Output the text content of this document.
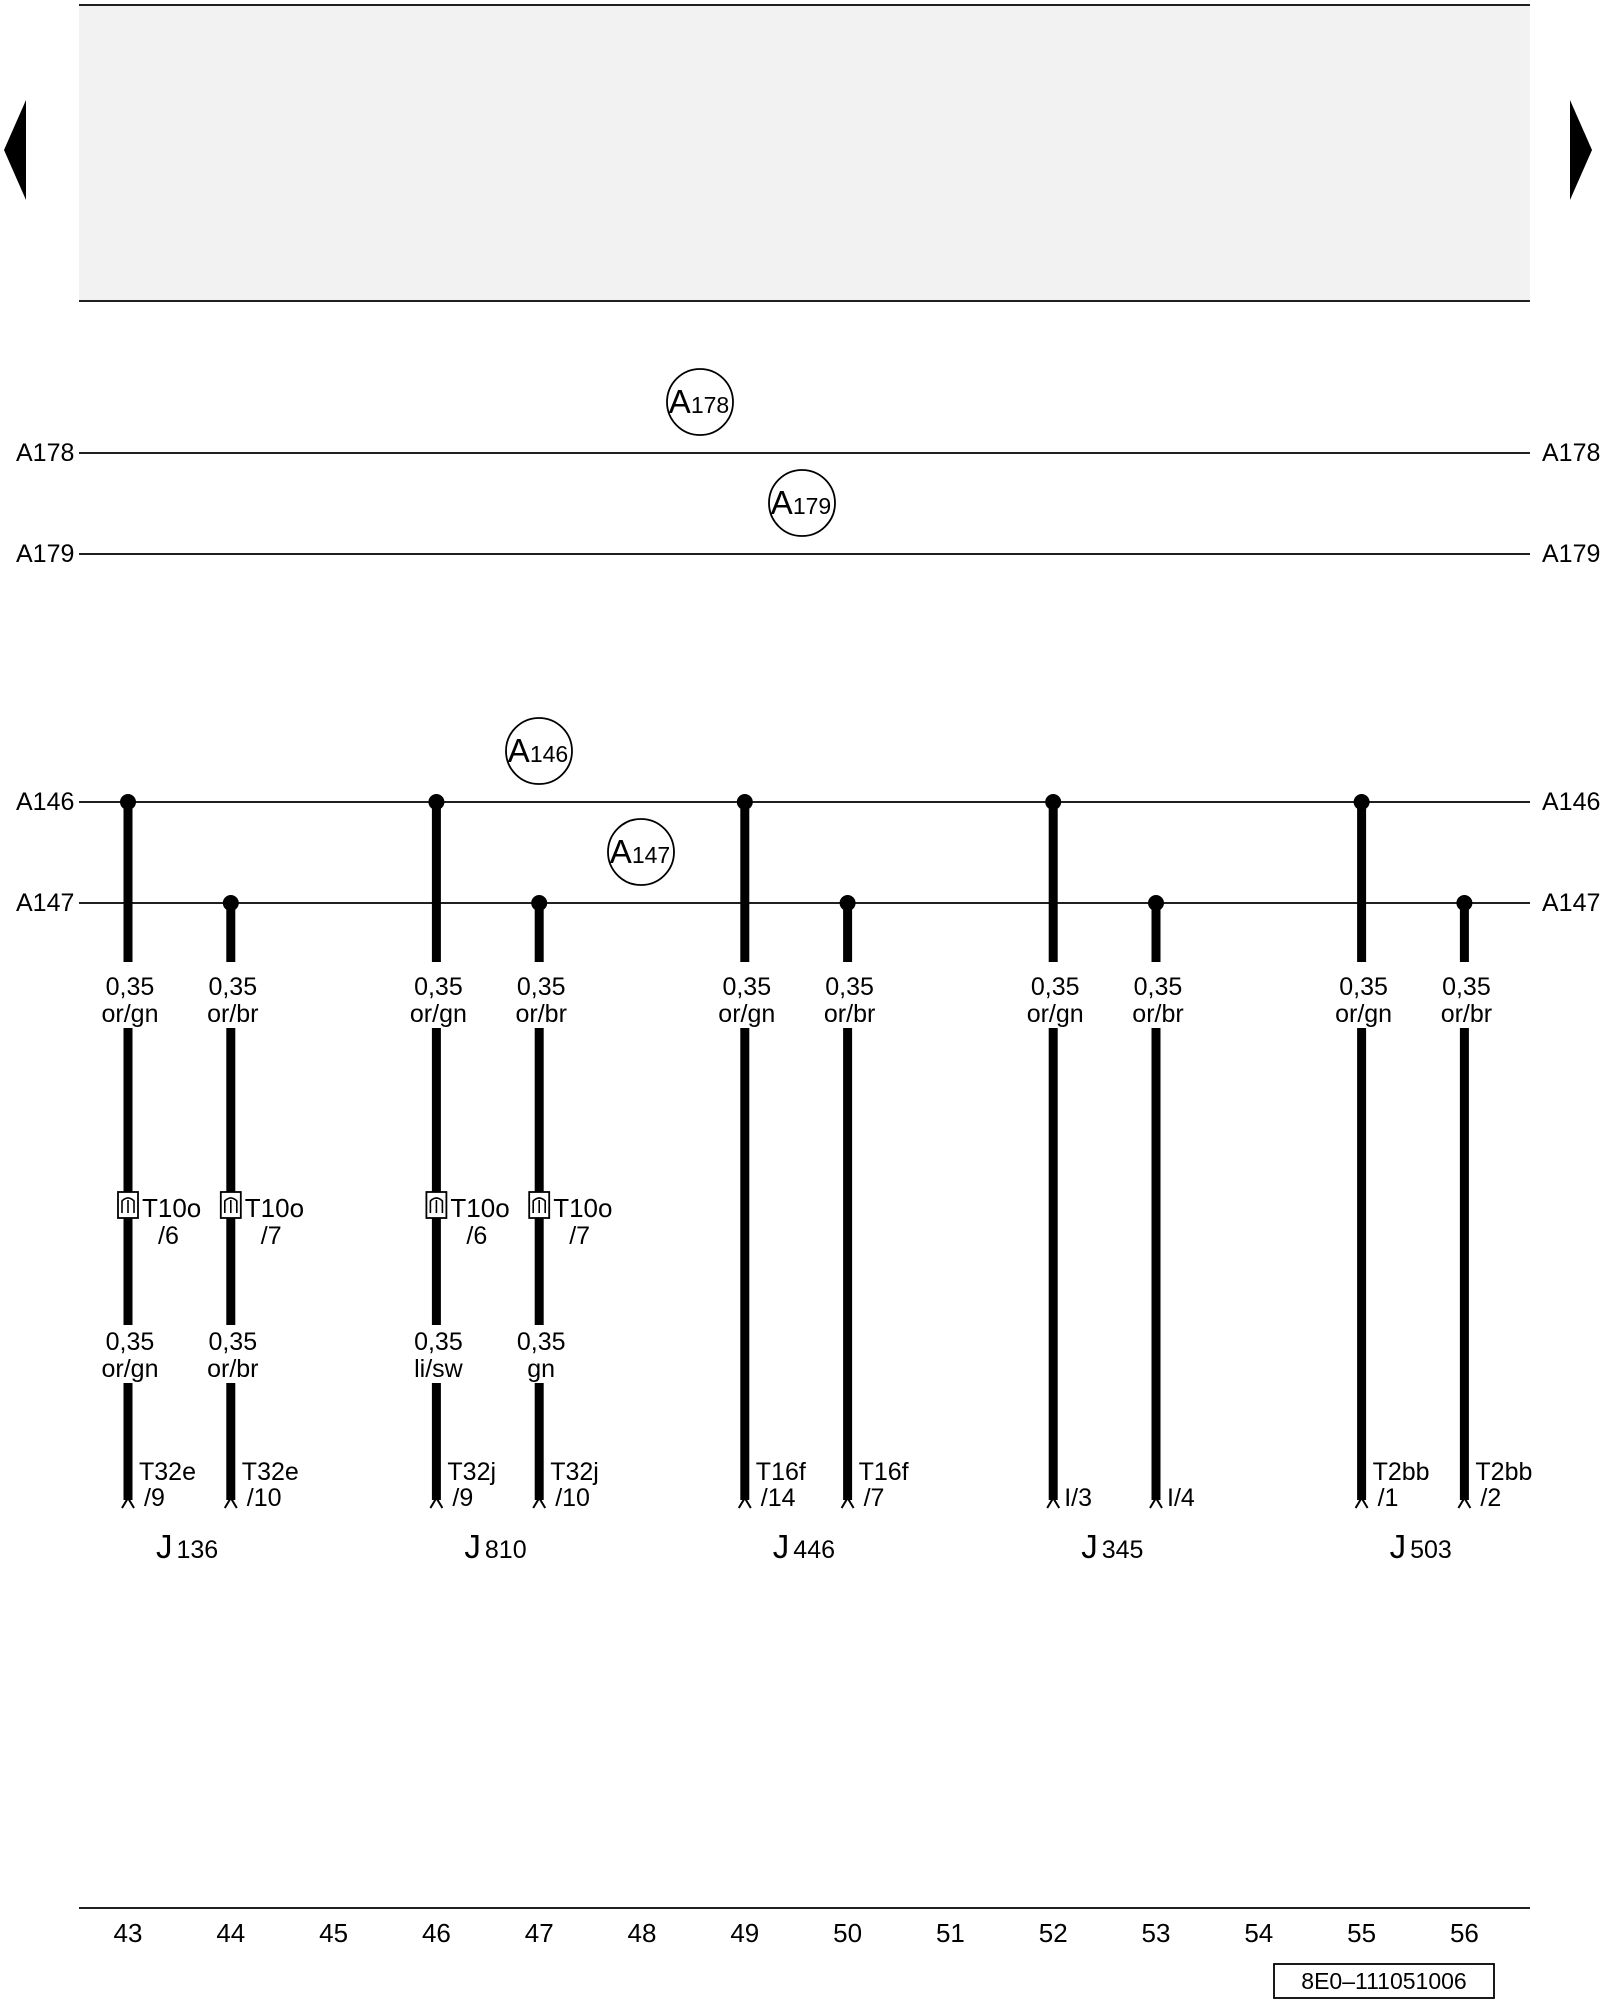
A178	A178
A179	A179
A146	A146
A147	A147
A178
A179
A146
A147
0,35
or/gn
T10o
/6
0,35
or/gn
T32e
/9
0,35
or/br
T10o
/7
0,35
or/br
T32e
/10
0,35
or/gn
T10o
/6
0,35
li/sw
T32j
/9
0,35
or/br
T10o
/7
0,35
gn
T32j
/10
0,35
or/gn
T16f
/14
0,35
or/br
T16f
/7
0,35
or/gn
I/3
0,35
or/br
I/4
0,35
or/gn
T2bb
/1
0,35
or/br
T2bb
/2
J 136	J 810	J 446	J 345	J 503
43	44	45	46	47	48	49	50	51	52	53	54	55	56
8E0–111051006
